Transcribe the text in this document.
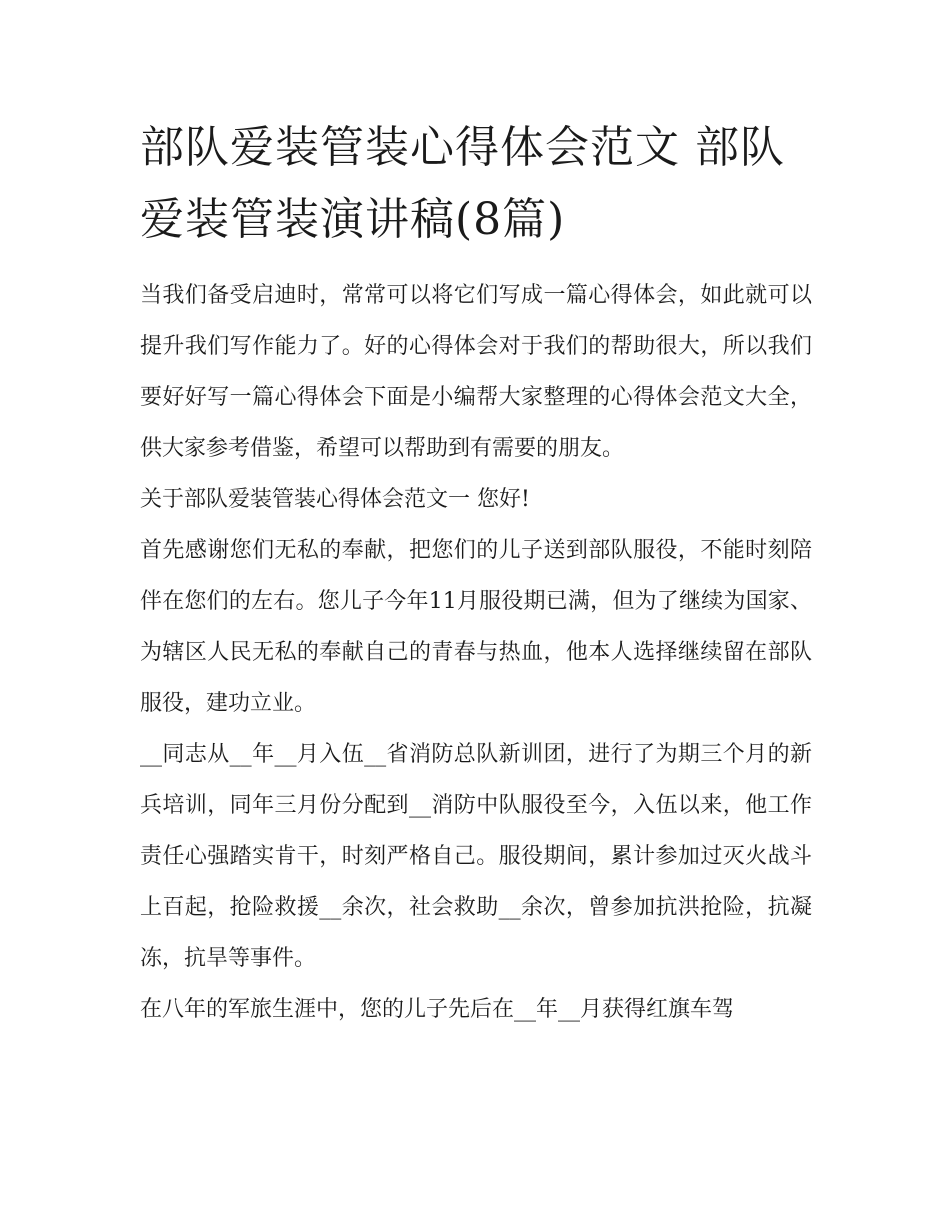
部队爱装管装心得体会范文 部队爱装管装演讲稿(8篇)

当我们备受启迪时，常常可以将它们写成一篇心得体会，如此就可以提升我们写作能力了。好的心得体会对于我们的帮助很大，所以我们要好好写一篇心得体会下面是小编帮大家整理的心得体会范文大全，供大家参考借鉴，希望可以帮助到有需要的朋友。

关于部队爱装管装心得体会范文一 您好!

首先感谢您们无私的奉献，把您们的儿子送到部队服役，不能时刻陪伴在您们的左右。您儿子今年11月服役期已满，但为了继续为国家、为辖区人民无私的奉献自己的青春与热血，他本人选择继续留在部队服役，建功立业。

__同志从__年__月入伍__省消防总队新训团，进行了为期三个月的新兵培训，同年三月份分配到__消防中队服役至今，入伍以来，他工作责任心强踏实肯干，时刻严格自己。服役期间，累计参加过灭火战斗上百起，抢险救援__余次，社会救助__余次，曾参加抗洪抢险，抗凝冻，抗旱等事件。

在八年的军旅生涯中，您的儿子先后在__年__月获得红旗车驾
